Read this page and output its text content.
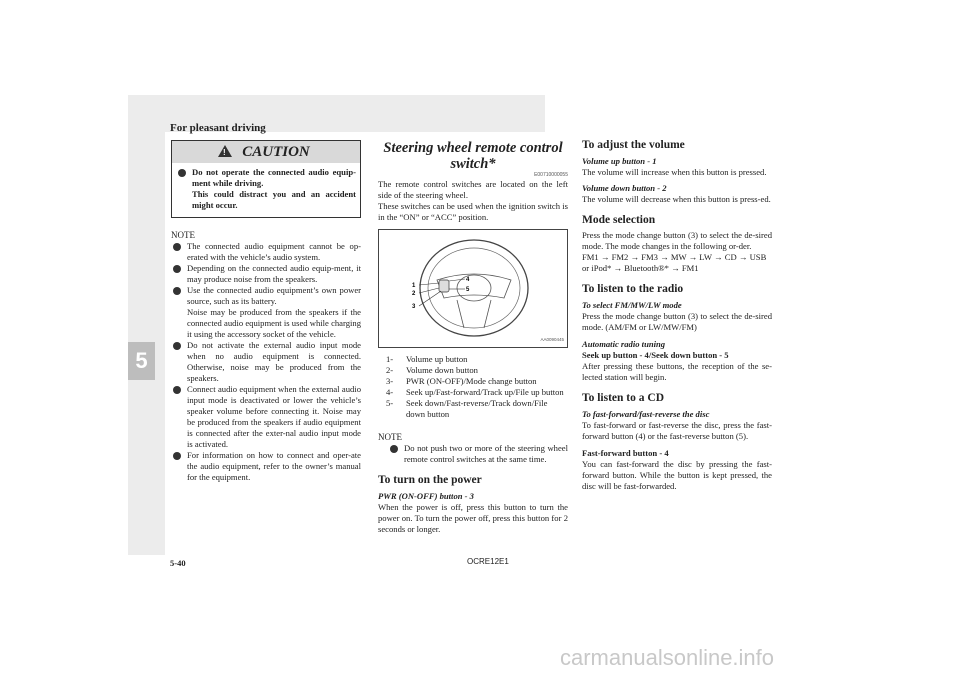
For pleasant driving
5
! CAUTION
Do not operate the connected audio equip-ment while driving.
This could distract you and an accident might occur.
NOTE
The connected audio equipment cannot be op-erated with the vehicle’s audio system.
Depending on the connected audio equip-ment, it may produce noise from the speakers.
Use the connected audio equipment’s own power source, such as its battery.
Noise may be produced from the speakers if the connected audio equipment is used while charging it using the accessory socket of the vehicle.
Do not activate the external audio input mode when no audio equipment is connected. Otherwise, noise may be produced from the speakers.
Connect audio equipment when the external audio input mode is deactivated or lower the vehicle’s speaker volume before connecting it. Noise may be produced from the speakers if audio equipment is connected after the exter-nal audio input mode is activated.
For information on how to connect and oper-ate the audio equipment, refer to the owner’s manual for the equipment.
Steering wheel remote control switch*
E00710000055
The remote control switches are located on the left side of the steering wheel.
These switches can be used when the ignition switch is in the “ON” or “ACC” position.
1
2
3
4
5
AA0090445
1-	Volume up button
2-	Volume down button
3-	PWR (ON-OFF)/Mode change button
4-	Seek up/Fast-forward/Track up/File up button
5-	Seek down/Fast-reverse/Track down/File down button
NOTE
Do not push two or more of the steering wheel remote control switches at the same time.
To turn on the power
PWR (ON-OFF) button - 3
When the power is off, press this button to turn the power on. To turn the power off, press this button for 2 seconds or longer.
To adjust the volume
Volume up button - 1
The volume will increase when this button is pressed.
Volume down button - 2
The volume will decrease when this button is press-ed.
Mode selection
Press the mode change button (3) to select the de-sired mode. The mode changes in the following or-der.
FM1 → FM2 → FM3 → MW → LW → CD → USB or iPod* → Bluetooth®* → FM1
To listen to the radio
To select FM/MW/LW mode
Press the mode change button (3) to select the de-sired mode. (AM/FM or LW/MW/FM)
Automatic radio tuning
Seek up button - 4/Seek down button - 5
After pressing these buttons, the reception of the se-lected station will begin.
To listen to a CD
To fast-forward/fast-reverse the disc
To fast-forward or fast-reverse the disc, press the fast-forward button (4) or the fast-reverse button (5).
Fast-forward button - 4
You can fast-forward the disc by pressing the fast-forward button. While the button is kept pressed, the disc will be fast-forwarded.
5-40	OCRE12E1
carmanualsonline.info
